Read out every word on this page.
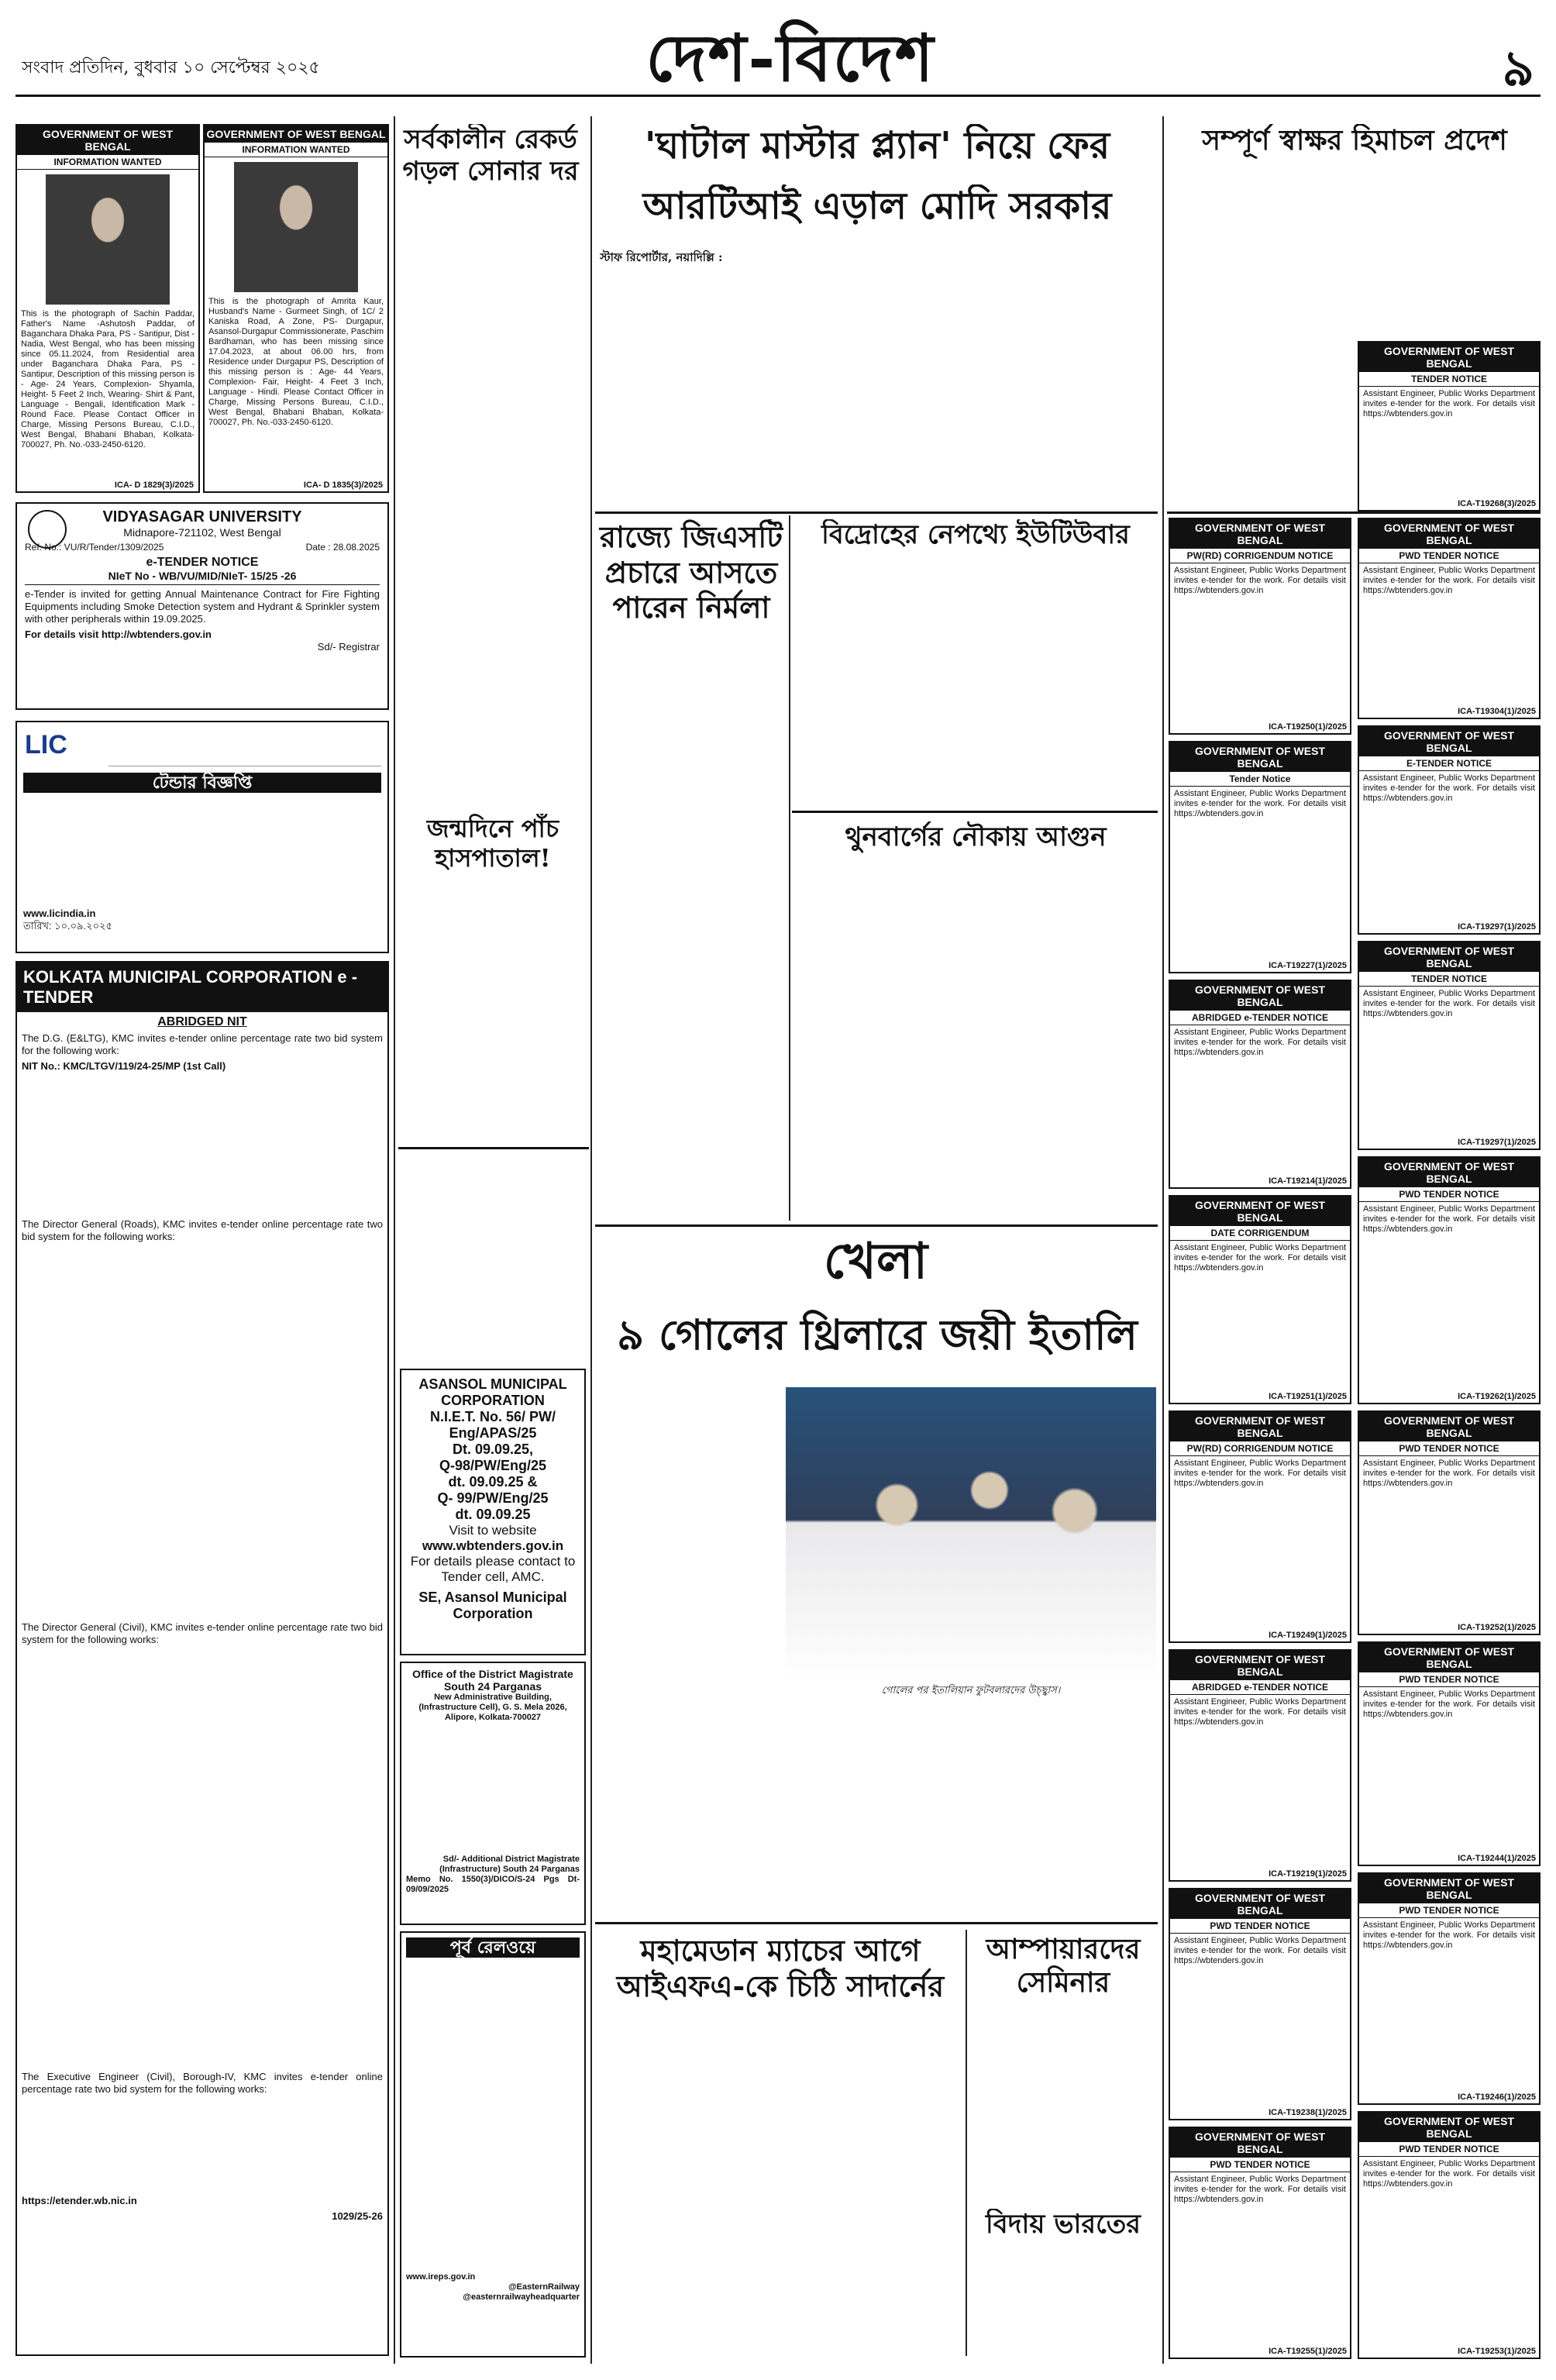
সংবাদ প্রতিদিন, বুধবার ১০ সেপ্টেম্বর ২০২৫	দেশ-বিদেশ	৯
GOVERNMENT OF WEST BENGAL
INFORMATION WANTED
This is the photograph of Sachin Paddar, Father's Name -Ashutosh Paddar, of Baganchara Dhaka Para, PS - Santipur, Dist - Nadia, West Bengal, who has been missing since 05.11.2024, from Residential area under Baganchara Dhaka Para, PS - Santipur, Description of this missing person is - Age- 24 Years, Complexion- Shyamla, Height- 5 Feet 2 Inch, Wearing- Shirt & Pant, Language - Bengali, Identification Mark - Round Face. Please Contact Officer in Charge, Missing Persons Bureau, C.I.D., West Bengal, Bhabani Bhaban, Kolkata-700027, Ph. No.-033-2450-6120.
ICA- D 1829(3)/2025
GOVERNMENT OF WEST BENGAL
INFORMATION WANTED
This is the photograph of Amrita Kaur, Husband's Name - Gurmeet Singh, of 1C/ 2 Kaniska Road, A Zone, PS- Durgapur, Asansol-Durgapur Commissionerate, Paschim Bardhaman, who has been missing since 17.04.2023, at about 06.00 hrs, from Residence under Durgapur PS, Description of this missing person is : Age- 44 Years, Complexion- Fair, Height- 4 Feet 3 Inch, Language - Hindi. Please Contact Officer in Charge, Missing Persons Bureau, C.I.D., West Bengal, Bhabani Bhaban, Kolkata-700027, Ph. No.-033-2450-6120.
ICA- D 1835(3)/2025
VIDYASAGAR UNIVERSITY
Midnapore-721102, West Bengal
Ref. No.: VU/R/Tender/1309/2025	Date : 28.08.2025
e-TENDER NOTICE
NIeT No - WB/VU/MID/NIeT- 15/25 -26
e-Tender is invited for getting Annual Maintenance Contract for Fire Fighting Equipments including Smoke Detection system and Hydrant & Sprinkler system with other peripherals within 19.09.2025.
For details visit http://wbtenders.gov.in
Sd/- Registrar
LIC
টেন্ডার বিজ্ঞপ্তি
www.licindia.in
তারিখ: ১০.০৯.২০২৫
KOLKATA MUNICIPAL CORPORATION e - TENDER
ABRIDGED NIT

The D.G. (E&LTG), KMC invites e-tender online percentage rate two bid system for the following work:

NIT No.: KMC/LTGV/119/24-25/MP (1st Call)

The Director General (Roads), KMC invites e-tender online percentage rate two bid system for the following works:

The Director General (Civil), KMC invites e-tender online percentage rate two bid system for the following works:

The Executive Engineer (Civil), Borough-IV, KMC invites e-tender online percentage rate two bid system for the following works:

https://etender.wb.nic.in

1029/25-26

সর্বকালীন রেকর্ড গড়ল সোনার দর
জন্মদিনে পাঁচ হাসপাতাল!
ASANSOL MUNICIPAL CORPORATION
N.I.E.T. No. 56/ PW/ Eng/APAS/25
Dt. 09.09.25,
Q-98/PW/Eng/25
dt. 09.09.25 &
Q- 99/PW/Eng/25
dt. 09.09.25
Visit to website
www.wbtenders.gov.in
For details please contact to Tender cell, AMC.
SE, Asansol Municipal Corporation
Office of the District Magistrate South 24 Parganas
New Administrative Building, (Infrastructure Cell), G. S. Mela 2026, Alipore, Kolkata-700027
Sd/- Additional District Magistrate (Infrastructure) South 24 Parganas
Memo No. 1550(3)/DICO/S-24 Pgs Dt-09/09/2025
পূর্ব রেলওয়ে
www.ireps.gov.in
@EasternRailway
@easternrailwayheadquarter
'ঘাটাল মাস্টার প্ল্যান' নিয়ে ফের
আরটিআই এড়াল মোদি সরকার
স্টাফ রিপোর্টার, নয়াদিল্লি :
রাজ্যে জিএসটি প্রচারে আসতে পারেন নির্মলা
বিদ্রোহের নেপথ্যে ইউটিউবার
থুনবার্গের নৌকায় আগুন
খেলা
৯ গোলের থ্রিলারে জয়ী ইতালি
গোলের পর ইতালিয়ান ফুটবলারদের উচ্ছ্বাস।
মহামেডান ম্যাচের আগে আইএফএ-কে চিঠি সাদার্নের
আম্পায়ারদের সেমিনার
বিদায় ভারতের
সম্পূর্ণ স্বাক্ষর হিমাচল প্রদেশ
GOVERNMENT OF WEST BENGAL
PW(RD) CORRIGENDUM NOTICE
Assistant Engineer, Public Works Department invites e-tender for the work. For details visit https://wbtenders.gov.in
ICA-T19250(1)/2025
GOVERNMENT OF WEST BENGAL
Tender Notice
Assistant Engineer, Public Works Department invites e-tender for the work. For details visit https://wbtenders.gov.in
ICA-T19227(1)/2025
GOVERNMENT OF WEST BENGAL
ABRIDGED e-TENDER NOTICE
Assistant Engineer, Public Works Department invites e-tender for the work. For details visit https://wbtenders.gov.in
ICA-T19214(1)/2025
GOVERNMENT OF WEST BENGAL
DATE CORRIGENDUM
Assistant Engineer, Public Works Department invites e-tender for the work. For details visit https://wbtenders.gov.in
ICA-T19251(1)/2025
GOVERNMENT OF WEST BENGAL
PW(RD) CORRIGENDUM NOTICE
Assistant Engineer, Public Works Department invites e-tender for the work. For details visit https://wbtenders.gov.in
ICA-T19249(1)/2025
GOVERNMENT OF WEST BENGAL
ABRIDGED e-TENDER NOTICE
Assistant Engineer, Public Works Department invites e-tender for the work. For details visit https://wbtenders.gov.in
ICA-T19219(1)/2025
GOVERNMENT OF WEST BENGAL
PWD TENDER NOTICE
Assistant Engineer, Public Works Department invites e-tender for the work. For details visit https://wbtenders.gov.in
ICA-T19238(1)/2025
GOVERNMENT OF WEST BENGAL
PWD TENDER NOTICE
Assistant Engineer, Public Works Department invites e-tender for the work. For details visit https://wbtenders.gov.in
ICA-T19255(1)/2025
GOVERNMENT OF WEST BENGAL
TENDER NOTICE
Assistant Engineer, Public Works Department invites e-tender for the work. For details visit https://wbtenders.gov.in
ICA-T19268(3)/2025
GOVERNMENT OF WEST BENGAL
PWD TENDER NOTICE
Assistant Engineer, Public Works Department invites e-tender for the work. For details visit https://wbtenders.gov.in
ICA-T19304(1)/2025
GOVERNMENT OF WEST BENGAL
E-TENDER NOTICE
Assistant Engineer, Public Works Department invites e-tender for the work. For details visit https://wbtenders.gov.in
ICA-T19297(1)/2025
GOVERNMENT OF WEST BENGAL
TENDER NOTICE
Assistant Engineer, Public Works Department invites e-tender for the work. For details visit https://wbtenders.gov.in
ICA-T19297(1)/2025
GOVERNMENT OF WEST BENGAL
PWD TENDER NOTICE
Assistant Engineer, Public Works Department invites e-tender for the work. For details visit https://wbtenders.gov.in
ICA-T19262(1)/2025
GOVERNMENT OF WEST BENGAL
PWD TENDER NOTICE
Assistant Engineer, Public Works Department invites e-tender for the work. For details visit https://wbtenders.gov.in
ICA-T19252(1)/2025
GOVERNMENT OF WEST BENGAL
PWD TENDER NOTICE
Assistant Engineer, Public Works Department invites e-tender for the work. For details visit https://wbtenders.gov.in
ICA-T19244(1)/2025
GOVERNMENT OF WEST BENGAL
PWD TENDER NOTICE
Assistant Engineer, Public Works Department invites e-tender for the work. For details visit https://wbtenders.gov.in
ICA-T19246(1)/2025
GOVERNMENT OF WEST BENGAL
PWD TENDER NOTICE
Assistant Engineer, Public Works Department invites e-tender for the work. For details visit https://wbtenders.gov.in
ICA-T19253(1)/2025
